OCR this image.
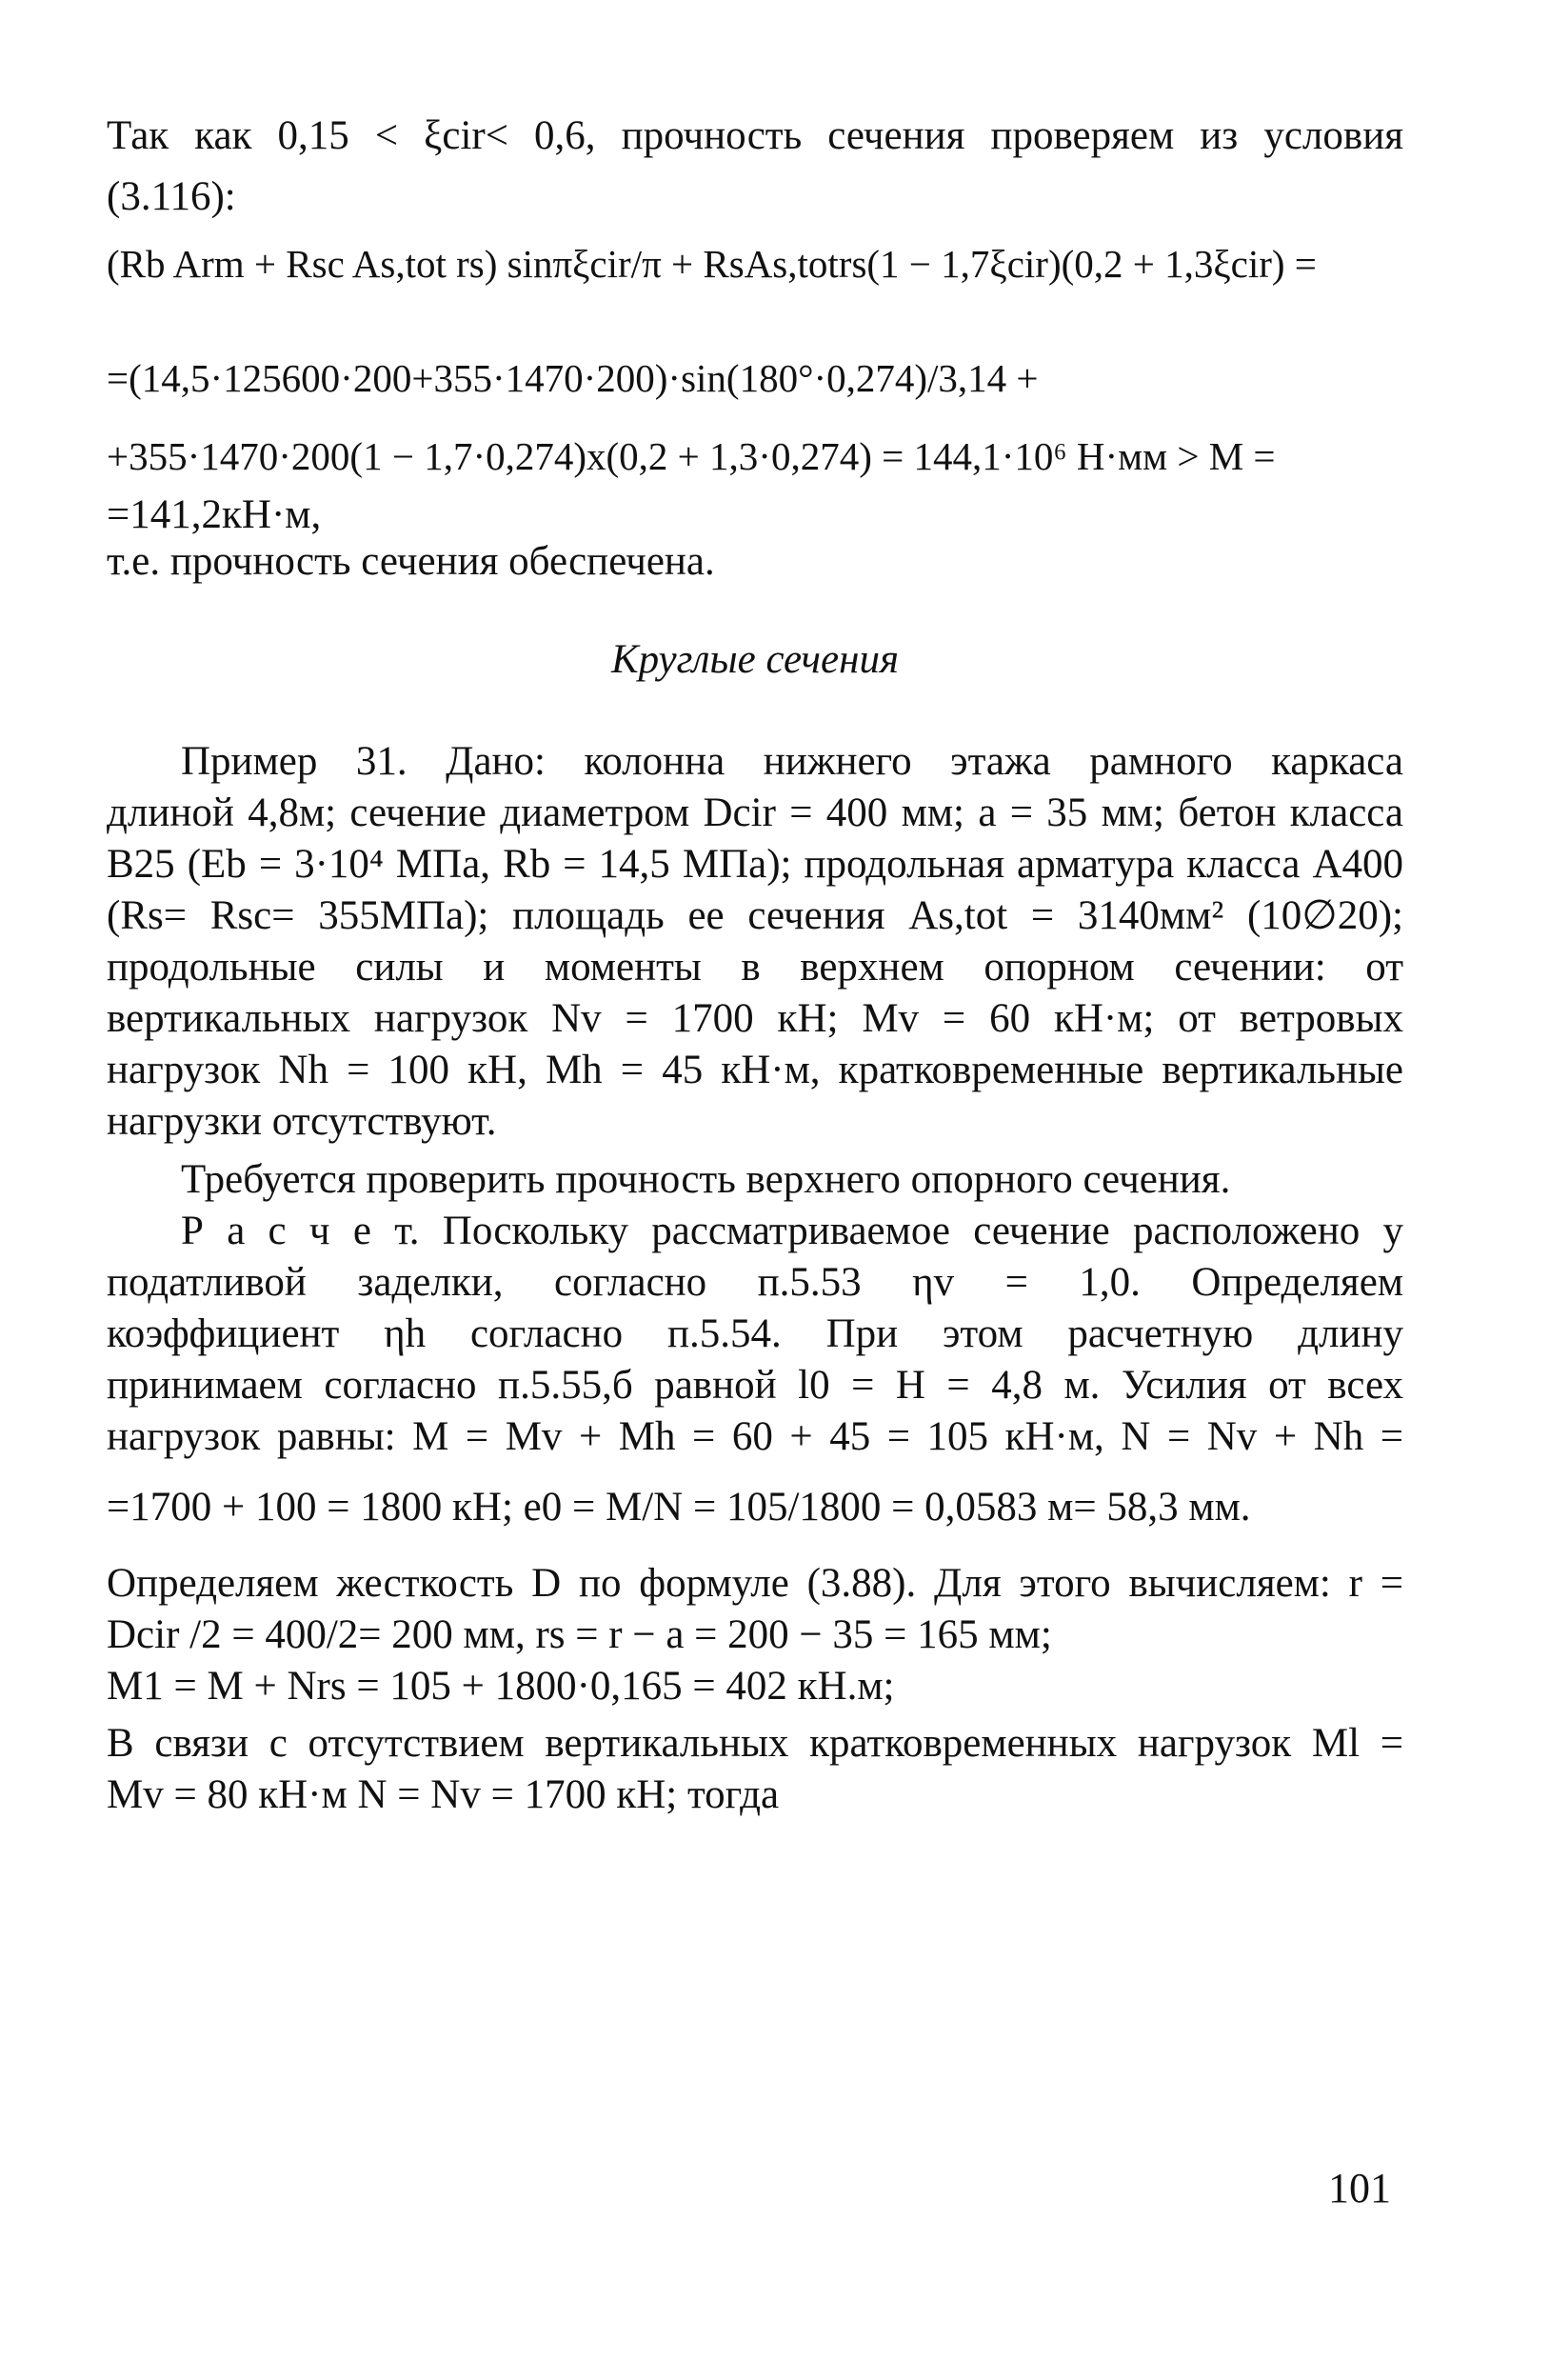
Так как 0,15 < ξcir< 0,6, прочность сечения проверяем из условия
(3.116):
(Rb Arm + Rsc As,tot rs) sinπξcir/π + RsAs,totrs(1 − 1,7ξcir)(0,2 + 1,3ξcir) =
=(14,5·125600·200+355·1470·200)·sin(180°·0,274)/3,14 +
+355·1470·200(1 − 1,7·0,274)x(0,2 + 1,3·0,274) = 144,1·10⁶ Н·мм > M =
=141,2кН·м,
т.е. прочность сечения обеспечена.
Круглые сечения
Пример 31. Дано: колонна нижнего этажа рамного каркаса
длиной 4,8м; сечение диаметром Dcir = 400 мм; a = 35 мм; бетон класса
B25 (Eb = 3·10⁴ МПа, Rb = 14,5 МПа); продольная арматура класса A400
(Rs= Rsc= 355МПа); площадь ее сечения As,tot = 3140мм² (10∅20);
продольные силы и моменты в верхнем опорном сечении: от
вертикальных нагрузок Nv = 1700 кН; Mv = 60 кН·м; от ветровых
нагрузок Nh = 100 кН, Mh = 45 кН·м, кратковременные вертикальные
нагрузки отсутствуют.
Требуется проверить прочность верхнего опорного сечения.
Р а с ч е т. Поскольку рассматриваемое сечение расположено у
податливой заделки, согласно п.5.53 ηv = 1,0. Определяем
коэффициент ηh согласно п.5.54. При этом расчетную длину
принимаем согласно п.5.55,б равной l0 = H = 4,8 м. Усилия от всех
нагрузок равны: M = Mv + Mh = 60 + 45 = 105 кН·м, N = Nv + Nh =
=1700 + 100 = 1800 кН; e0 = M/N = 105/1800 = 0,0583 м= 58,3 мм.
Определяем жесткость D по формуле (3.88). Для этого вычисляем: r =
Dcir /2 = 400/2= 200 мм, rs = r − a = 200 − 35 = 165 мм;
M1 = M + Nrs = 105 + 1800·0,165 = 402 кН.м;
В связи с отсутствием вертикальных кратковременных нагрузок Ml =
Mv = 80 кН·м N = Nv = 1700 кН; тогда
101
